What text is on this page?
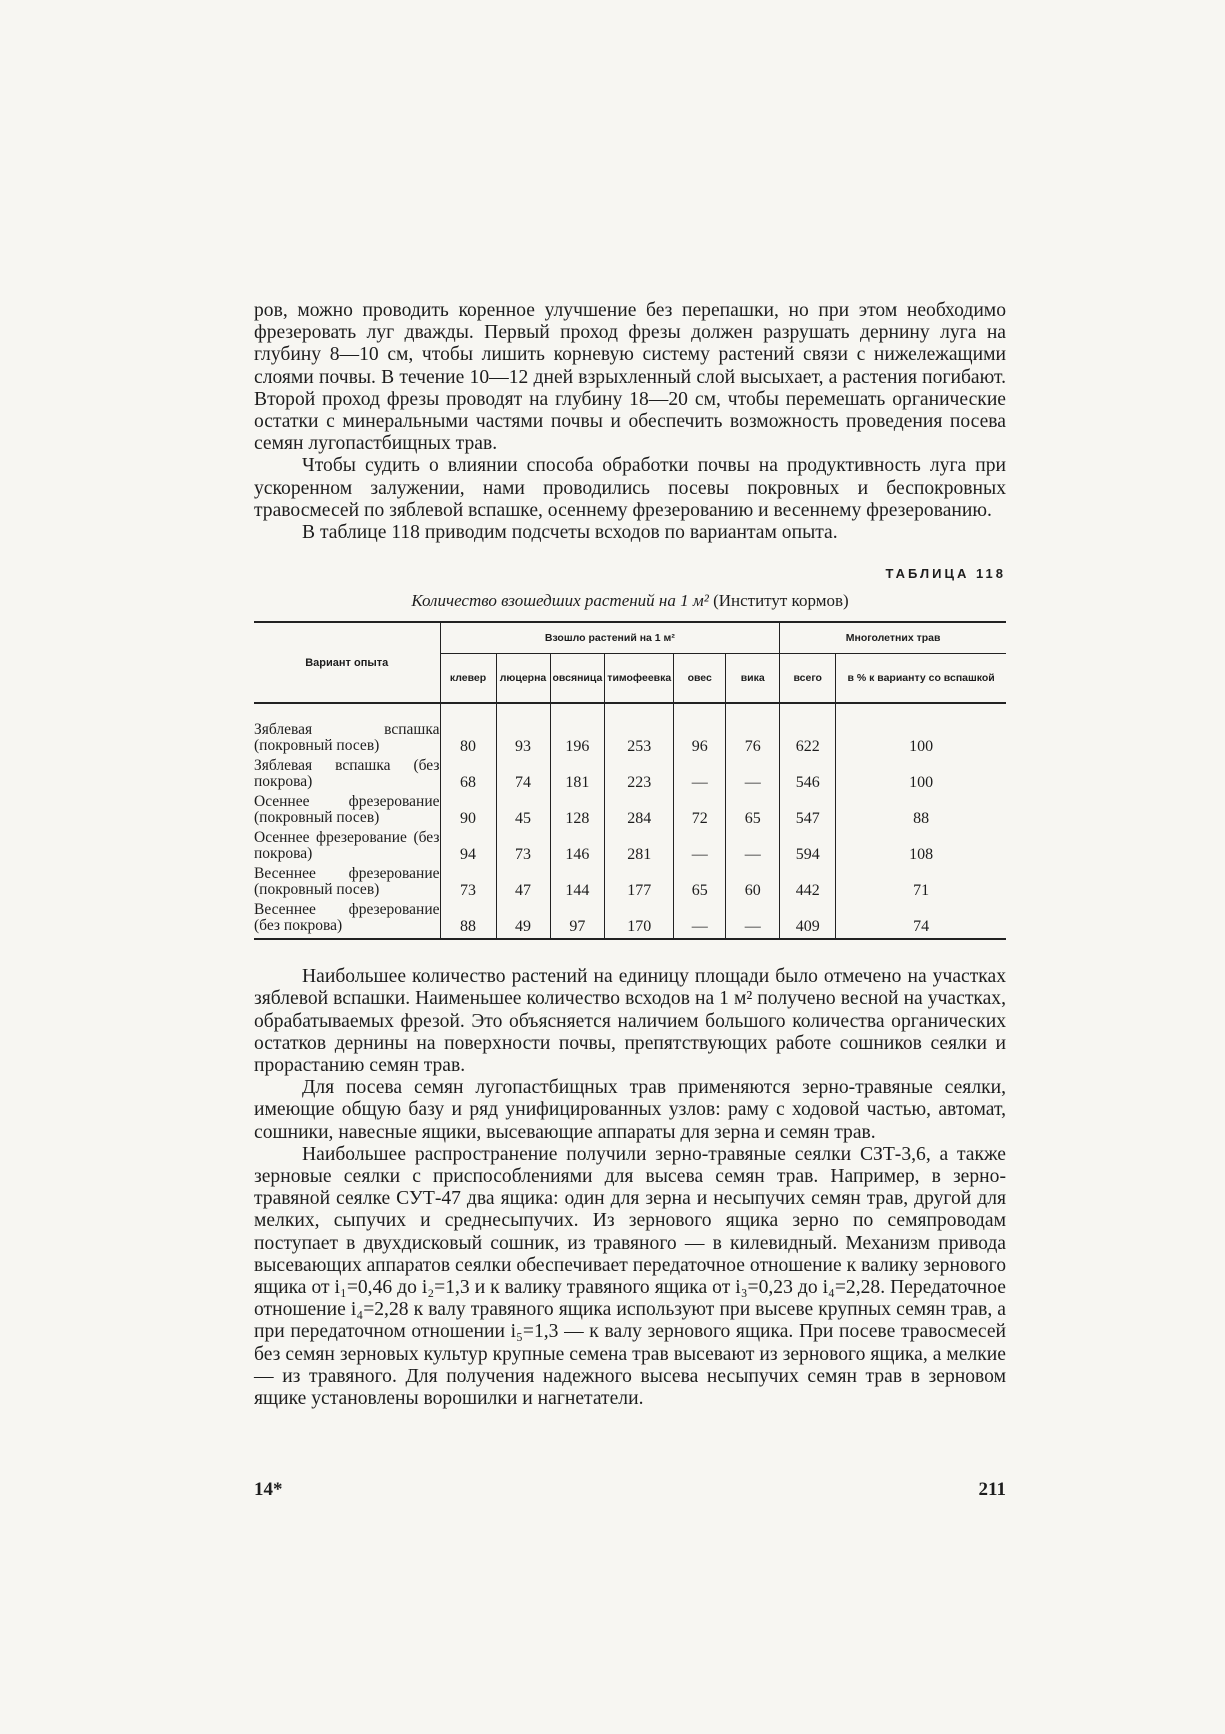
ров, можно проводить коренное улучшение без перепашки, но при этом необходимо фрезеровать луг дважды. Первый проход фрезы должен разрушать дернину луга на глубину 8—10 см, чтобы лишить корневую систему растений связи с нижележащими слоями почвы. В течение 10—12 дней взрыхленный слой высыхает, а растения погибают. Второй проход фрезы проводят на глубину 18—20 см, чтобы перемешать органические остатки с минеральными частями почвы и обеспечить возможность проведения посева семян лугопастбищных трав.

Чтобы судить о влиянии способа обработки почвы на продуктивность луга при ускоренном залужении, нами проводились посевы покровных и беспокровных травосмесей по зяблевой вспашке, осеннему фрезерованию и весеннему фрезерованию.

В таблице 118 приводим подсчеты всходов по вариантам опыта.

ТАБЛИЦА 118
Количество взошедших растений на 1 м² (Институт кормов)
Вариант опыта	Взошло растений на 1 м²						Многолетних трав	
	клевер	люцерна	овсяница	тимофеевка	овес	вика	всего	в % к варианту со вспашкой
Зяблевая вспашка (покровный посев)	80	93	196	253	96	76	622	100
Зяблевая вспашка (без покрова)	68	74	181	223	—	—	546	100
Осеннее фрезерование (покровный посев)	90	45	128	284	72	65	547	88
Осеннее фрезерование (без покрова)	94	73	146	281	—	—	594	108
Весеннее фрезерование (покровный посев)	73	47	144	177	65	60	442	71
Весеннее фрезерование (без покрова)	88	49	97	170	—	—	409	74

Наибольшее количество растений на единицу площади было отмечено на участках зяблевой вспашки. Наименьшее количество всходов на 1 м² получено весной на участках, обрабатываемых фрезой. Это объясняется наличием большого количества органических остатков дернины на поверхности почвы, препятствующих работе сошников сеялки и прорастанию семян трав.

Для посева семян лугопастбищных трав применяются зерно-травяные сеялки, имеющие общую базу и ряд унифицированных узлов: раму с ходовой частью, автомат, сошники, навесные ящики, высевающие аппараты для зерна и семян трав.

Наибольшее распространение получили зерно-травяные сеялки СЗТ-3,6, а также зерновые сеялки с приспособлениями для высева семян трав. Например, в зерно-травяной сеялке СУТ-47 два ящика: один для зерна и несыпучих семян трав, другой для мелких, сыпучих и среднесыпучих. Из зернового ящика зерно по семяпроводам поступает в двухдисковый сошник, из травяного — в килевидный. Механизм привода высевающих аппаратов сеялки обеспечивает передаточное отношение к валику зернового ящика от i₁=0,46 до i₂=1,3 и к валику травяного ящика от i₃=0,23 до i₄=2,28. Передаточное отношение i₄=2,28 к валу травяного ящика используют при высеве крупных семян трав, а при передаточном отношении i₅=1,3 — к валу зернового ящика. При посеве травосмесей без семян зерновых культур крупные семена трав высевают из зернового ящика, а мелкие — из травяного. Для получения надежного высева несыпучих семян трав в зерновом ящике установлены ворошилки и нагнетатели.

14*	211
